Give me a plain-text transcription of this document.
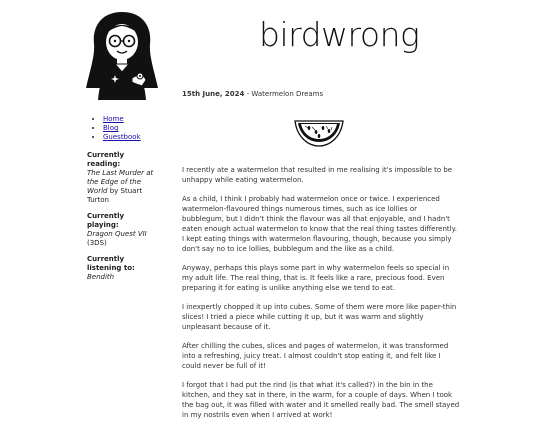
birdwrong
• Home
• Blog
• Guestbook
Currently reading:
The Last Murder at the Edge of the World by Stuart Turton
Currently playing:
Dragon Quest VII
(3DS)
Currently listening to:
Bendith
15th June, 2024 - Watermelon Dreams

I recently ate a watermelon that resulted in me realising it's impossible to be unhappy while eating watermelon.

As a child, I think I probably had watermelon once or twice. I experienced watermelon-flavoured things numerous times, such as ice lollies or bubblegum, but I didn't think the flavour was all that enjoyable, and I hadn't eaten enough actual watermelon to know that the real thing tastes differently. I kept eating things with watermelon flavouring, though, because you simply don't say no to ice lollies, bubblegum and the like as a child.

Anyway, perhaps this plays some part in why watermelon feels so special in my adult life. The real thing, that is. It feels like a rare, precious food. Even preparing it for eating is unlike anything else we tend to eat.

I inexpertly chopped it up into cubes. Some of them were more like paper-thin slices! I tried a piece while cutting it up, but it was warm and slightly unpleasant because of it.

After chilling the cubes, slices and pages of watermelon, it was transformed into a refreshing, juicy treat. I almost couldn't stop eating it, and felt like I could never be full of it!

I forgot that I had put the rind (is that what it's called?) in the bin in the kitchen, and they sat in there, in the warm, for a couple of days. When I took the bag out, it was filled with water and it smelled really bad. The smell stayed in my nostrils even when I arrived at work!
